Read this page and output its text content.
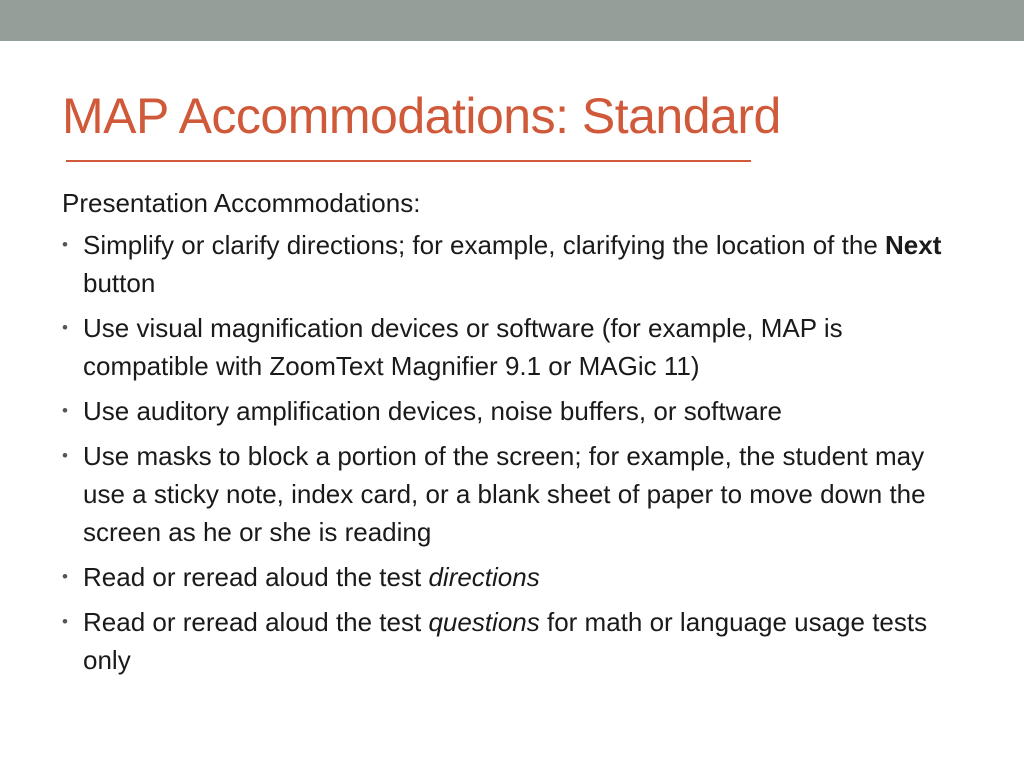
MAP Accommodations: Standard

Presentation Accommodations:

• Simplify or clarify directions; for example, clarifying the location of the Next button
• Use visual magnification devices or software (for example, MAP is compatible with ZoomText Magnifier 9.1 or MAGic 11)
• Use auditory amplification devices, noise buffers, or software
• Use masks to block a portion of the screen; for example, the student may use a sticky note, index card, or a blank sheet of paper to move down the screen as he or she is reading
• Read or reread aloud the test directions
• Read or reread aloud the test questions for math or language usage tests only
